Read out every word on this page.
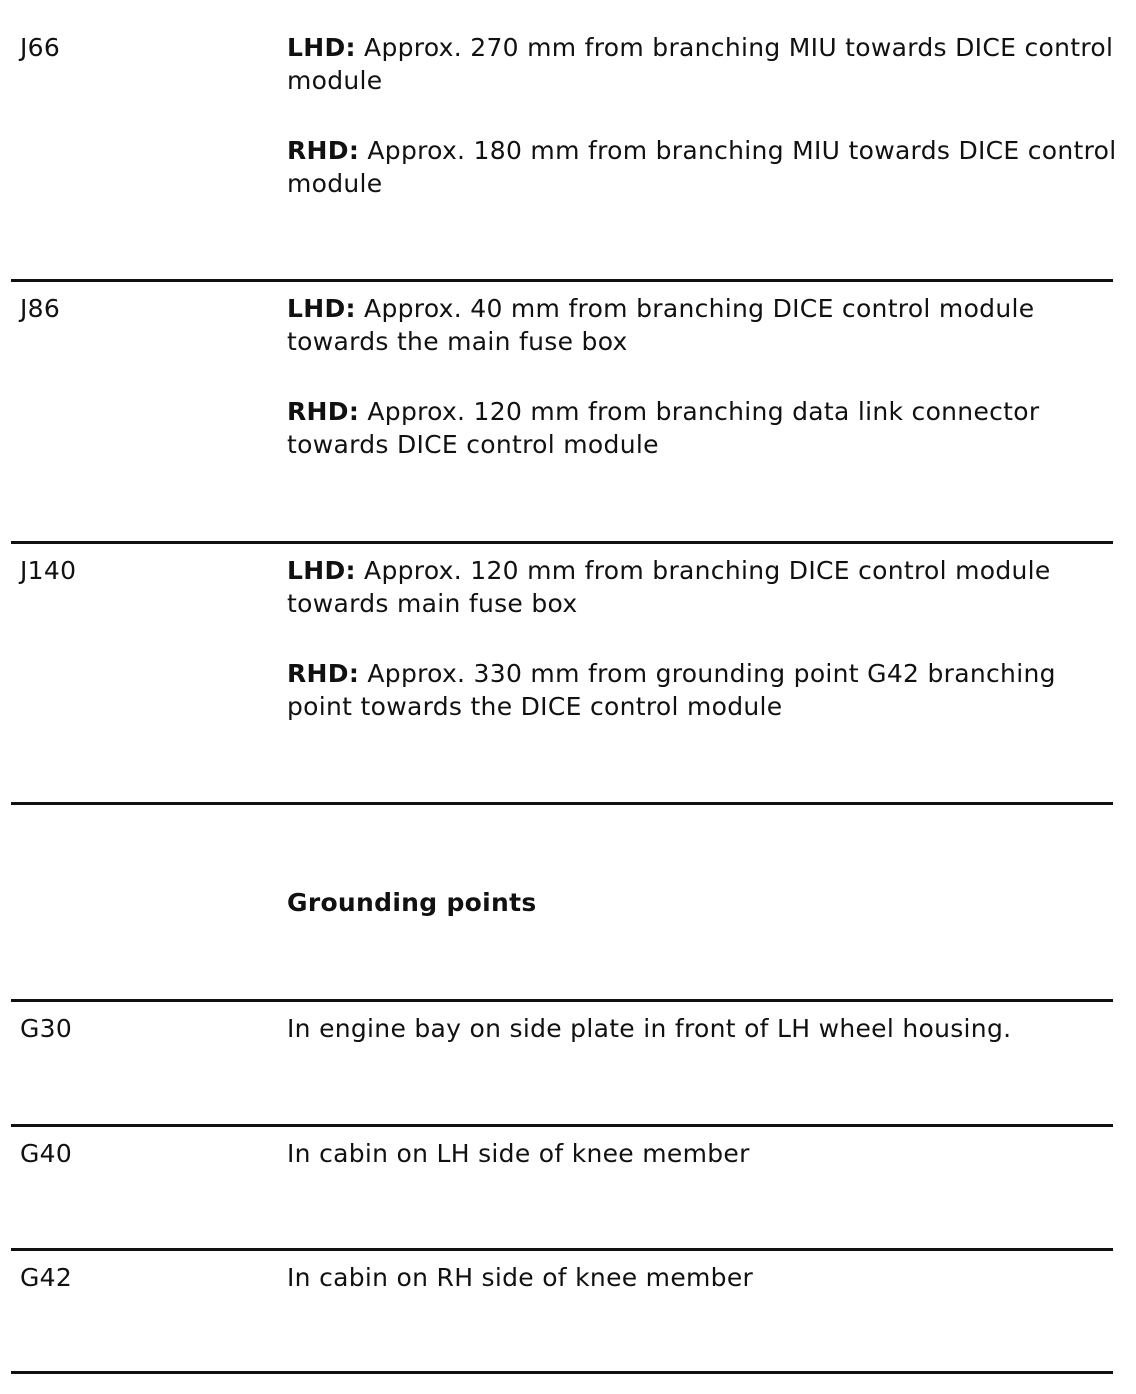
J66	LHD: Approx. 270 mm from branching MIU towards DICE control module
RHD: Approx. 180 mm from branching MIU towards DICE control module
J86	LHD: Approx. 40 mm from branching DICE control module towards the main fuse box
RHD: Approx. 120 mm from branching data link connector towards DICE control module
J140	LHD: Approx. 120 mm from branching DICE control module towards main fuse box
RHD: Approx. 330 mm from grounding point G42 branching point towards the DICE control module
Grounding points
G30	In engine bay on side plate in front of LH wheel housing.
G40	In cabin on LH side of knee member
G42	In cabin on RH side of knee member
